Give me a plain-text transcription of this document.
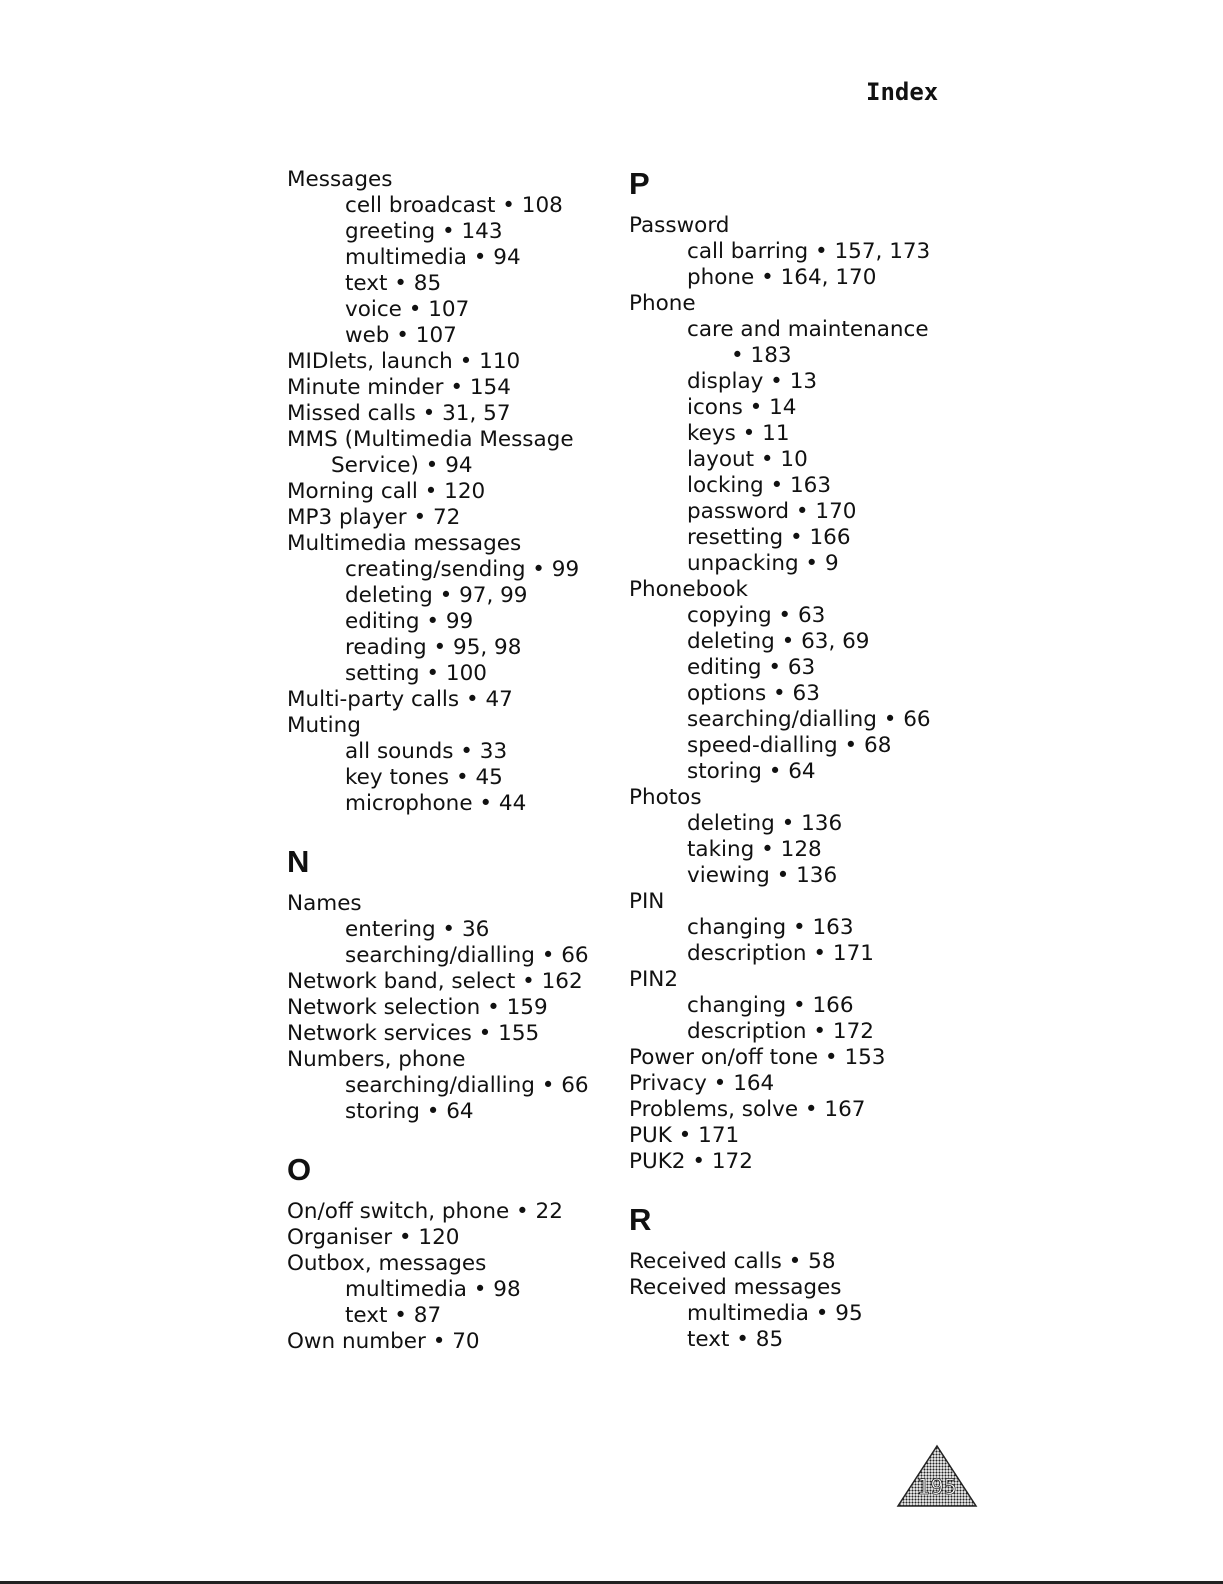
Index
Messages
cell broadcast • 108
greeting • 143
multimedia • 94
text • 85
voice • 107
web • 107
MIDlets, launch • 110
Minute minder • 154
Missed calls • 31, 57
MMS (Multimedia Message
Service) • 94
Morning call • 120
MP3 player • 72
Multimedia messages
creating/sending • 99
deleting • 97, 99
editing • 99
reading • 95, 98
setting • 100
Multi-party calls • 47
Muting
all sounds • 33
key tones • 45
microphone • 44
N
Names
entering • 36
searching/dialling • 66
Network band, select • 162
Network selection • 159
Network services • 155
Numbers, phone
searching/dialling • 66
storing • 64
O
On/off switch, phone • 22
Organiser • 120
Outbox, messages
multimedia • 98
text • 87
Own number • 70
P
Password
call barring • 157, 173
phone • 164, 170
Phone
care and maintenance
• 183
display • 13
icons • 14
keys • 11
layout • 10
locking • 163
password • 170
resetting • 166
unpacking • 9
Phonebook
copying • 63
deleting • 63, 69
editing • 63
options • 63
searching/dialling • 66
speed-dialling • 68
storing • 64
Photos
deleting • 136
taking • 128
viewing • 136
PIN
changing • 163
description • 171
PIN2
changing • 166
description • 172
Power on/off tone • 153
Privacy • 164
Problems, solve • 167
PUK • 171
PUK2 • 172
R
Received calls • 58
Received messages
multimedia • 95
text • 85
195
